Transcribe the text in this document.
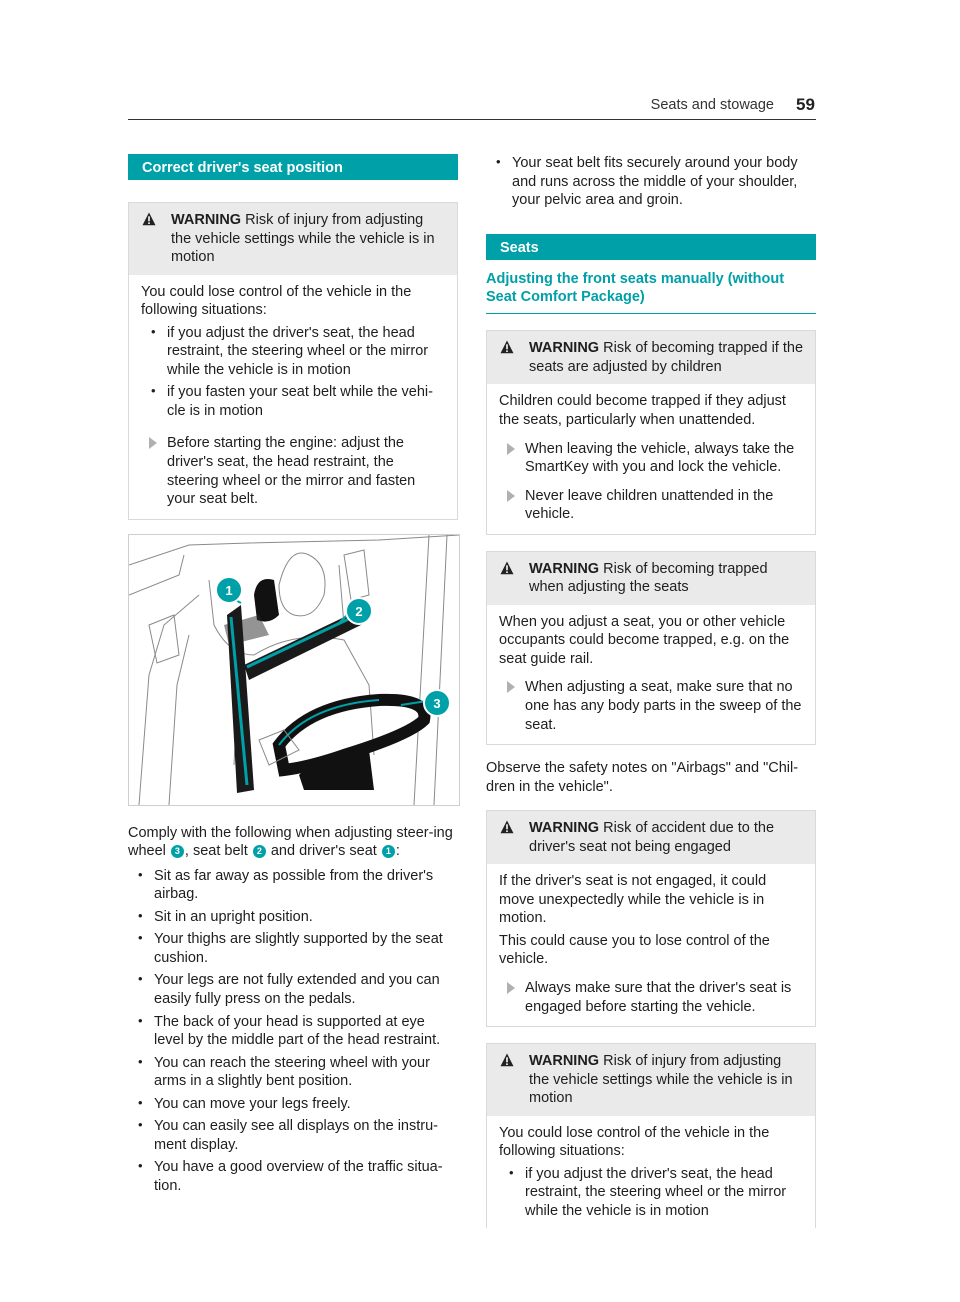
Seats and stowage 59
Correct driver's seat position
WARNING Risk of injury from adjusting the vehicle settings while the vehicle is in motion

You could lose control of the vehicle in the following situations:

• if you adjust the driver's seat, the head restraint, the steering wheel or the mirror while the vehicle is in motion
• if you fasten your seat belt while the vehi-cle is in motion
Before starting the engine: adjust the driver's seat, the head restraint, the steering wheel or the mirror and fasten your seat belt.
1
2
3
Comply with the following when adjusting steer-ing wheel 3 , seat belt 2 and driver's seat 1 :
• Sit as far away as possible from the driver's airbag.
• Sit in an upright position.
• Your thighs are slightly supported by the seat cushion.
• Your legs are not fully extended and you can easily fully press on the pedals.
• The back of your head is supported at eye level by the middle part of the head restraint.
• You can reach the steering wheel with your arms in a slightly bent position.
• You can move your legs freely.
• You can easily see all displays on the instru-ment display.
• You have a good overview of the traffic situa-tion.
• Your seat belt fits securely around your body and runs across the middle of your shoulder, your pelvic area and groin.
Seats
Adjusting the front seats manually (without Seat Comfort Package)
WARNING Risk of becoming trapped if the seats are adjusted by children

Children could become trapped if they adjust the seats, particularly when unattended.

When leaving the vehicle, always take the SmartKey with you and lock the vehicle.
Never leave children unattended in the vehicle.
WARNING Risk of becoming trapped when adjusting the seats

When you adjust a seat, you or other vehicle occupants could become trapped, e.g. on the seat guide rail.

When adjusting a seat, make sure that no one has any body parts in the sweep of the seat.
Observe the safety notes on "Airbags" and "Chil-dren in the vehicle".
WARNING Risk of accident due to the driver's seat not being engaged

If the driver's seat is not engaged, it could move unexpectedly while the vehicle is in motion.

This could cause you to lose control of the vehicle.

Always make sure that the driver's seat is engaged before starting the vehicle.
WARNING Risk of injury from adjusting the vehicle settings while the vehicle is in motion

You could lose control of the vehicle in the following situations:

• if you adjust the driver's seat, the head restraint, the steering wheel or the mirror while the vehicle is in motion
